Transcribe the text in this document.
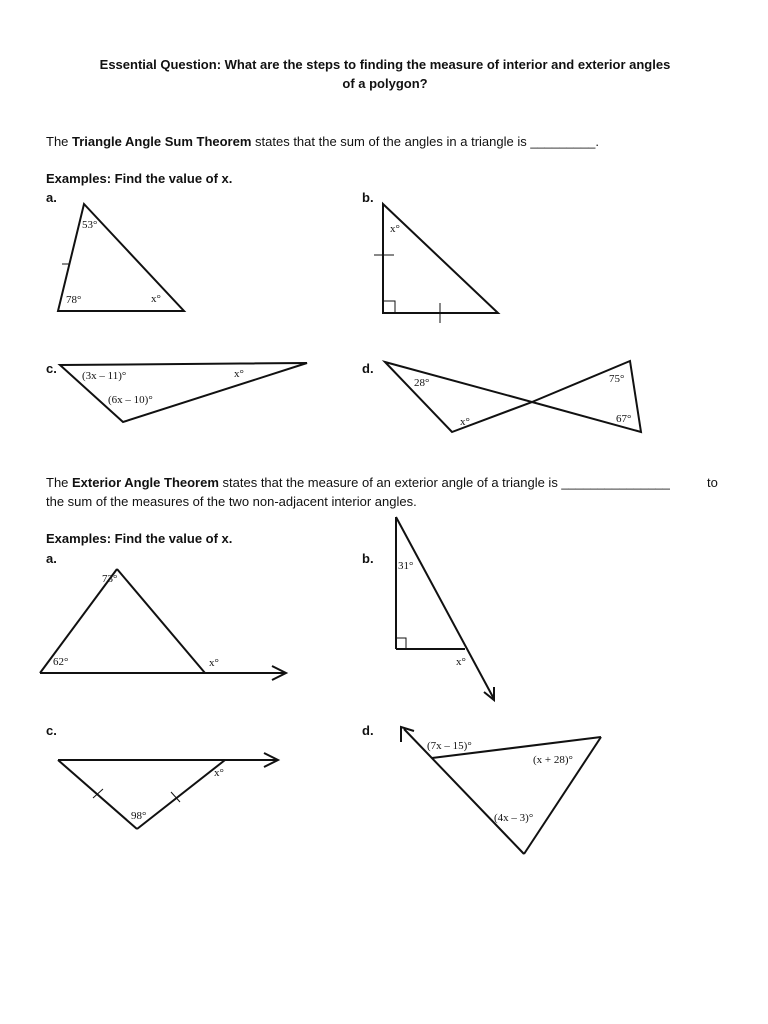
Essential Question: What are the steps to finding the measure of interior and exterior angles
of a polygon?
The Triangle Angle Sum Theorem states that the sum of the angles in a triangle is _________.
Examples: Find the value of x.
a.	b.
c.	d.
53°
78°	x°
x°
(3x – 11)°	x°
(6x – 10)°
28°
x°
75°
67°
The Exterior Angle Theorem states that the measure of an exterior angle of a triangle is _______________	to
the sum of the measures of the two non-adjacent interior angles.
Examples: Find the value of x.
a.	b.
c.	d.
73°
62°	x°
31°
x°
98°
x°
(7x – 15)°
(x + 28)°
(4x – 3)°
